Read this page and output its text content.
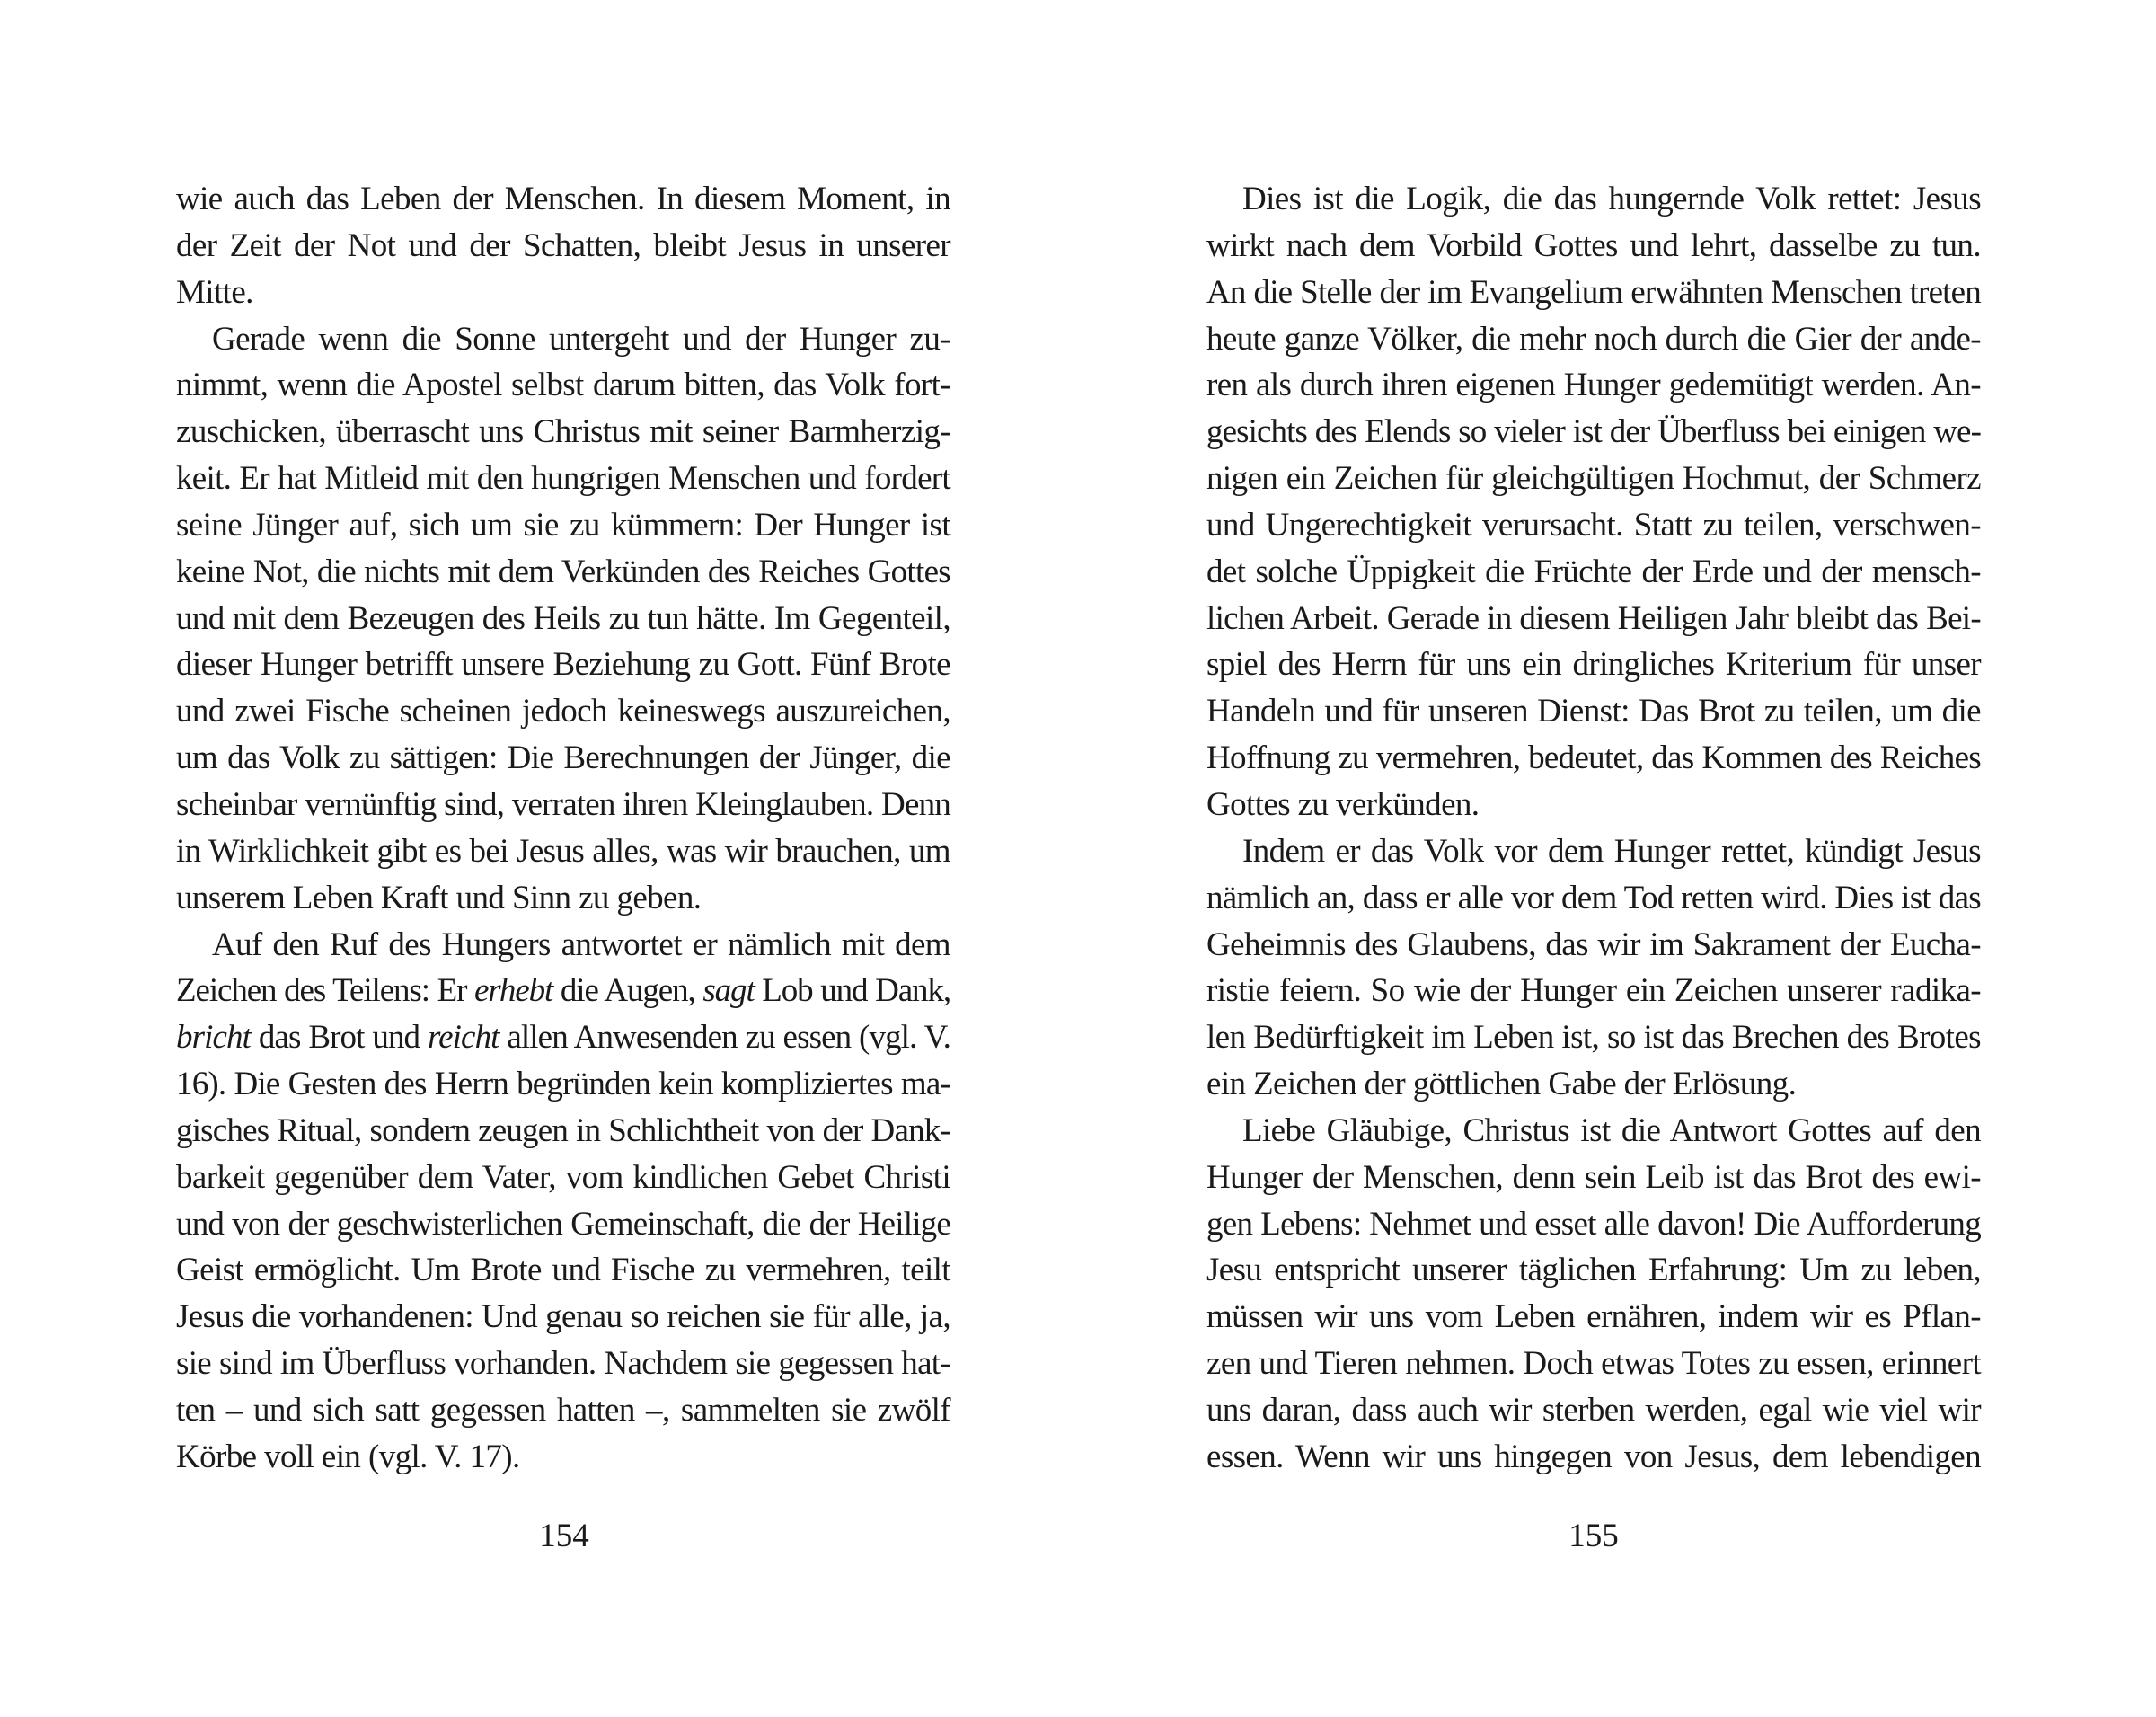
wie auch das Leben der Menschen. In diesem Moment, in
der Zeit der Not und der Schatten, bleibt Jesus in unserer
Mitte.
Gerade wenn die Sonne untergeht und der Hunger zu-
nimmt, wenn die Apostel selbst darum bitten, das Volk fort-
zuschicken, überrascht uns Christus mit seiner Barmherzig-
keit. Er hat Mitleid mit den hungrigen Menschen und fordert
seine Jünger auf, sich um sie zu kümmern: Der Hunger ist
keine Not, die nichts mit dem Verkünden des Reiches Gottes
und mit dem Bezeugen des Heils zu tun hätte. Im Gegenteil,
dieser Hunger betrifft unsere Beziehung zu Gott. Fünf Brote
und zwei Fische scheinen jedoch keineswegs auszureichen,
um das Volk zu sättigen: Die Berechnungen der Jünger, die
scheinbar vernünftig sind, verraten ihren Kleinglauben. Denn
in Wirklichkeit gibt es bei Jesus alles, was wir brauchen, um
unserem Leben Kraft und Sinn zu geben.
Auf den Ruf des Hungers antwortet er nämlich mit dem
Zeichen des Teilens: Er erhebt die Augen, sagt Lob und Dank,
bricht das Brot und reicht allen Anwesenden zu essen (vgl. V.
16). Die Gesten des Herrn begründen kein kompliziertes ma-
gisches Ritual, sondern zeugen in Schlichtheit von der Dank-
barkeit gegenüber dem Vater, vom kindlichen Gebet Christi
und von der geschwisterlichen Gemeinschaft, die der Heilige
Geist ermöglicht. Um Brote und Fische zu vermehren, teilt
Jesus die vorhandenen: Und genau so reichen sie für alle, ja,
sie sind im Überfluss vorhanden. Nachdem sie gegessen hat-
ten – und sich satt gegessen hatten –, sammelten sie zwölf
Körbe voll ein (vgl. V. 17).
Dies ist die Logik, die das hungernde Volk rettet: Jesus
wirkt nach dem Vorbild Gottes und lehrt, dasselbe zu tun.
An die Stelle der im Evangelium erwähnten Menschen treten
heute ganze Völker, die mehr noch durch die Gier der ande-
ren als durch ihren eigenen Hunger gedemütigt werden. An-
gesichts des Elends so vieler ist der Überfluss bei einigen we-
nigen ein Zeichen für gleichgültigen Hochmut, der Schmerz
und Ungerechtigkeit verursacht. Statt zu teilen, verschwen-
det solche Üppigkeit die Früchte der Erde und der mensch-
lichen Arbeit. Gerade in diesem Heiligen Jahr bleibt das Bei-
spiel des Herrn für uns ein dringliches Kriterium für unser
Handeln und für unseren Dienst: Das Brot zu teilen, um die
Hoffnung zu vermehren, bedeutet, das Kommen des Reiches
Gottes zu verkünden.
Indem er das Volk vor dem Hunger rettet, kündigt Jesus
nämlich an, dass er alle vor dem Tod retten wird. Dies ist das
Geheimnis des Glaubens, das wir im Sakrament der Eucha-
ristie feiern. So wie der Hunger ein Zeichen unserer radika-
len Bedürftigkeit im Leben ist, so ist das Brechen des Brotes
ein Zeichen der göttlichen Gabe der Erlösung.
Liebe Gläubige, Christus ist die Antwort Gottes auf den
Hunger der Menschen, denn sein Leib ist das Brot des ewi-
gen Lebens: Nehmet und esset alle davon! Die Aufforderung
Jesu entspricht unserer täglichen Erfahrung: Um zu leben,
müssen wir uns vom Leben ernähren, indem wir es Pflan-
zen und Tieren nehmen. Doch etwas Totes zu essen, erinnert
uns daran, dass auch wir sterben werden, egal wie viel wir
essen. Wenn wir uns hingegen von Jesus, dem lebendigen
154	155
